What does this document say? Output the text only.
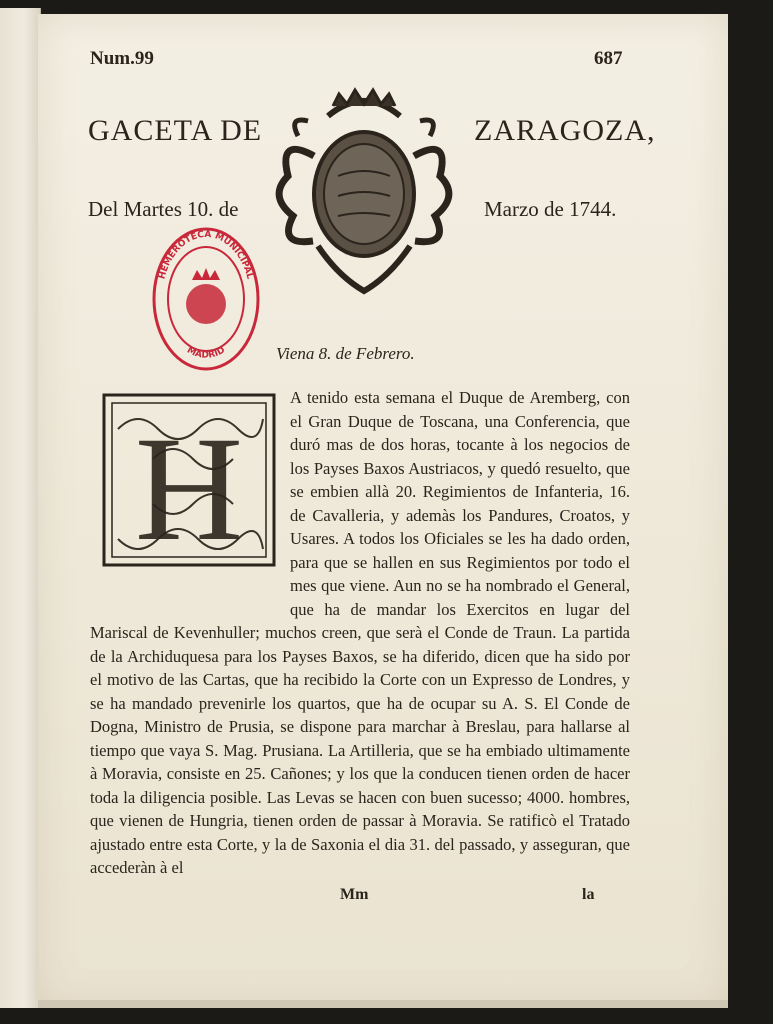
Num.99	687
GACETA DE	ZARAGOZA,
Del Martes 10. de	Marzo de 1744.
HEMEROTECA MUNICIPAL
MADRID	Viena 8. de Febrero.
H
A tenido esta semana el Duque de Aremberg, con el Gran Duque de Toscana, una Conferencia, que duró mas de dos horas, tocante à los negocios de los Payses Baxos Austriacos, y quedó resuelto, que se embien allà 20. Regimientos de Infanteria, 16. de Cavalleria, y ademàs los Pandures, Croatos, y Usares. A todos los Oficiales se les ha dado orden, para que se hallen en sus Regimientos por todo el mes que viene. Aun no se ha nombrado el General, que ha de mandar los Exercitos en lugar del Mariscal de Kevenhuller; muchos creen, que serà el Conde de Traun. La partida de la Archiduquesa para los Payses Baxos, se ha diferido, dicen que ha sido por el motivo de las Cartas, que ha recibido la Corte con un Expresso de Londres, y se ha mandado prevenirle los quartos, que ha de ocupar su A. S. El Conde de Dogna, Ministro de Prusia, se dispone para marchar à Breslau, para hallarse al tiempo que vaya S. Mag. Prusiana. La Artilleria, que se ha embiado ultimamente à Moravia, consiste en 25. Cañones; y los que la conducen tienen orden de hacer toda la diligencia posible. Las Levas se hacen con buen sucesso; 4000. hombres, que vienen de Hungria, tienen orden de passar à Moravia. Se ratificò el Tratado ajustado entre esta Corte, y la de Saxonia el dia 31. del passado, y asseguran, que accederàn à el
Mm	la
